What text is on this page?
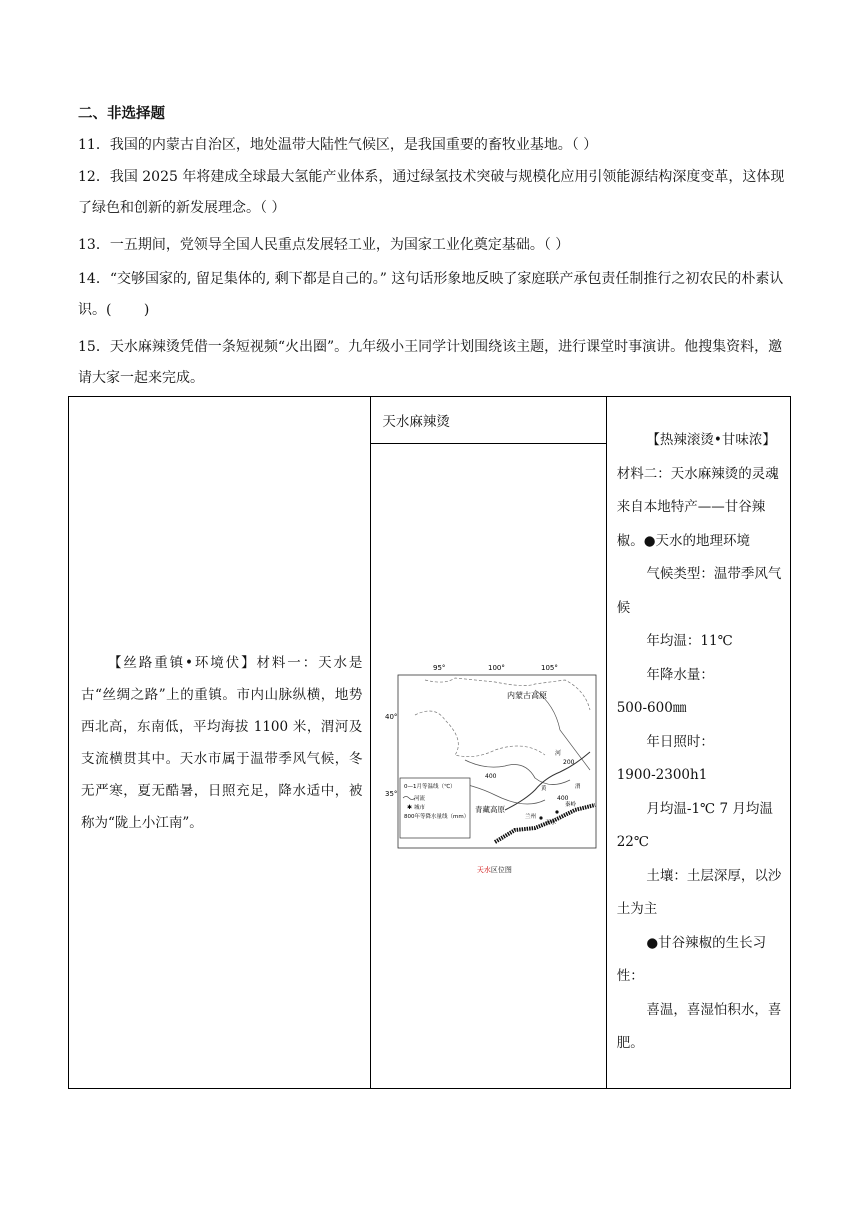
二、非选择题
11．我国的内蒙古自治区，地处温带大陆性气候区，是我国重要的畜牧业基地。（ ）
12．我国 2025 年将建成全球最大氢能产业体系，通过绿氢技术突破与规模化应用引领能源结构深度变革，这体现了绿色和创新的新发展理念。（ ）
13．一五期间，党领导全国人民重点发展轻工业，为国家工业化奠定基础。（ ）
14．“交够国家的, 留足集体的, 剩下都是自己的。” 这句话形象地反映了家庭联产承包责任制推行之初农民的朴素认识。(　　 )
15．天水麻辣烫凭借一条短视频“火出圈”。九年级小王同学计划围绕该主题，进行课堂时事演讲。他搜集资料，邀请大家一起来完成。
【丝路重镇•环境伏】材料一：天水是古“丝绸之路”上的重镇。市内山脉纵横，地势西北高，东南低，平均海拔 1100 米，渭河及支流横贯其中。天水市属于温带季风气候，冬无严寒，夏无酷暑，日照充足，降水适中，被称为“陇上小江南”。	天水麻辣烫	

【热辣滚烫•甘味浓】材料二：天水麻辣烫的灵魂来自本地特产——甘谷辣椒。●天水的地理环境

气候类型：温带季风气候

年均温：11℃

年降水量：

500-600㎜

年日照时：

1900-2300h1

月均温-1℃ 7 月均温 22℃

土壤：土层深厚，以沙土为主

●甘谷辣椒的生长习性：

喜温，喜湿怕积水，喜肥。

95°	100°	105°
40°
35°
内蒙古高原
青藏高原
河
200
400
400
黄
兰州
天水
秦岭
渭
0—1月等温线（℃）
河流
城市
✱
800年等降水量线（mm）
天水区位图
